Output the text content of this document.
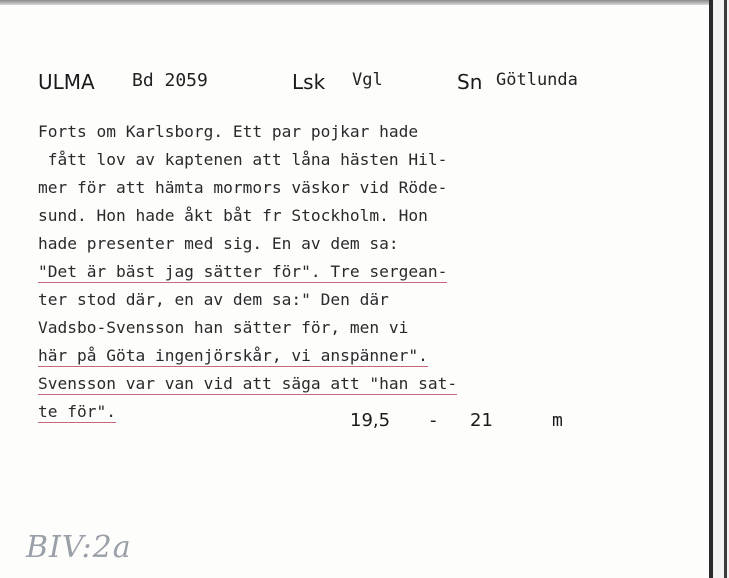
ULMA Bd 2059	Lsk Vgl	Sn Götlunda
Forts om Karlsborg. Ett par pojkar hade
fått lov av kaptenen att låna hästen Hil-
mer för att hämta mormors väskor vid Röde-
sund. Hon hade åkt båt fr Stockholm. Hon
hade presenter med sig. En av dem sa:
"Det är bäst jag sätter för". Tre sergean-
ter stod där, en av dem sa:" Den där
Vadsbo-Svensson han sätter för, men vi
här på Göta ingenjörskår, vi anspänner".
Svensson var van vid att säga att "han sat-
te för".	19,5 - 21	m
BIV:2a
